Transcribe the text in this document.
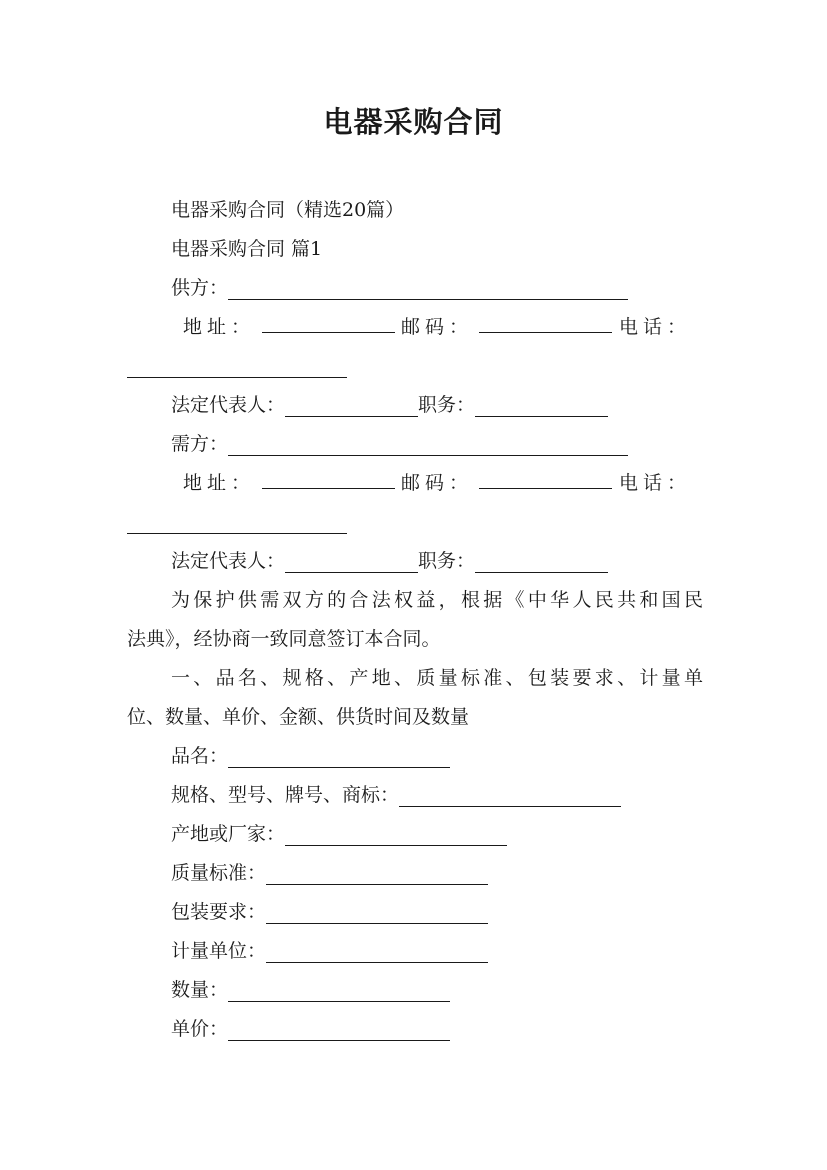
电器采购合同
电器采购合同（精选20篇）
电器采购合同 篇1
供方：
地址：	邮码：	电话：
法定代表人：	职务：
需方：
地址：	邮码：	电话：
法定代表人：	职务：
为保护供需双方的合法权益，根据《中华人民共和国民
法典》，经协商一致同意签订本合同。
一、品名、规格、产地、质量标准、包装要求、计量单
位、数量、单价、金额、供货时间及数量
品名：
规格、型号、牌号、商标：
产地或厂家：
质量标准：
包装要求：
计量单位：
数量：
单价：
